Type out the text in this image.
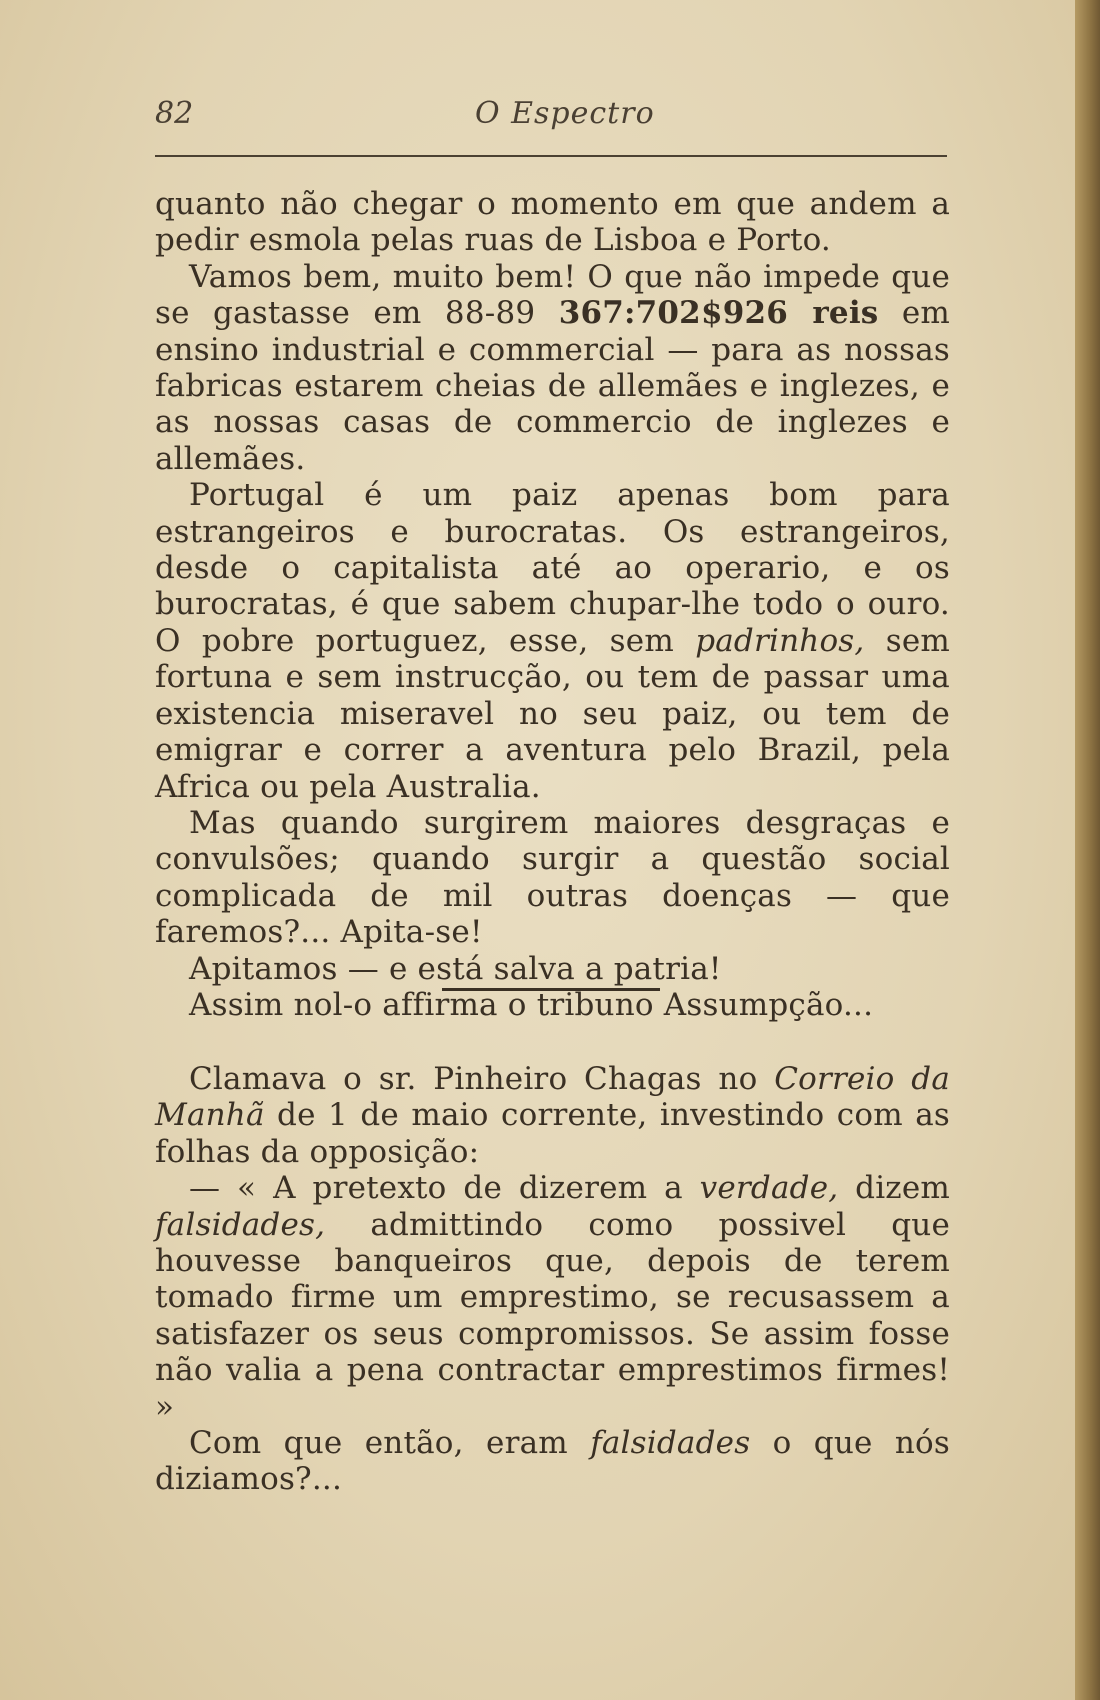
82	O Espectro

quanto não chegar o momento em que andem a pedir esmola pelas ruas de Lisboa e Porto.

Vamos bem, muito bem! O que não impede que se gastasse em 88-89 367:702$926 reis em ensino industrial e commercial — para as nossas fabricas estarem cheias de allemães e inglezes, e as nossas casas de commercio de inglezes e allemães.

Portugal é um paiz apenas bom para estrangeiros e burocratas. Os estrangeiros, desde o capitalista até ao operario, e os burocratas, é que sabem chupar-lhe todo o ouro. O pobre portuguez, esse, sem padrinhos, sem fortuna e sem instrucção, ou tem de passar uma existencia miseravel no seu paiz, ou tem de emigrar e correr a aventura pelo Brazil, pela Africa ou pela Australia.

Mas quando surgirem maiores desgraças e convulsões; quando surgir a questão social complicada de mil outras doenças — que faremos?... Apita-se!

Apitamos — e está salva a patria!

Assim nol-o affirma o tribuno Assumpção...

Clamava o sr. Pinheiro Chagas no Correio da Manhã de 1 de maio corrente, investindo com as folhas da opposição:

— « A pretexto de dizerem a verdade, dizem falsidades, admittindo como possivel que houvesse banqueiros que, depois de terem tomado firme um emprestimo, se recusassem a satisfazer os seus compromissos. Se assim fosse não valia a pena contractar emprestimos firmes! »

Com que então, eram falsidades o que nós diziamos?...
